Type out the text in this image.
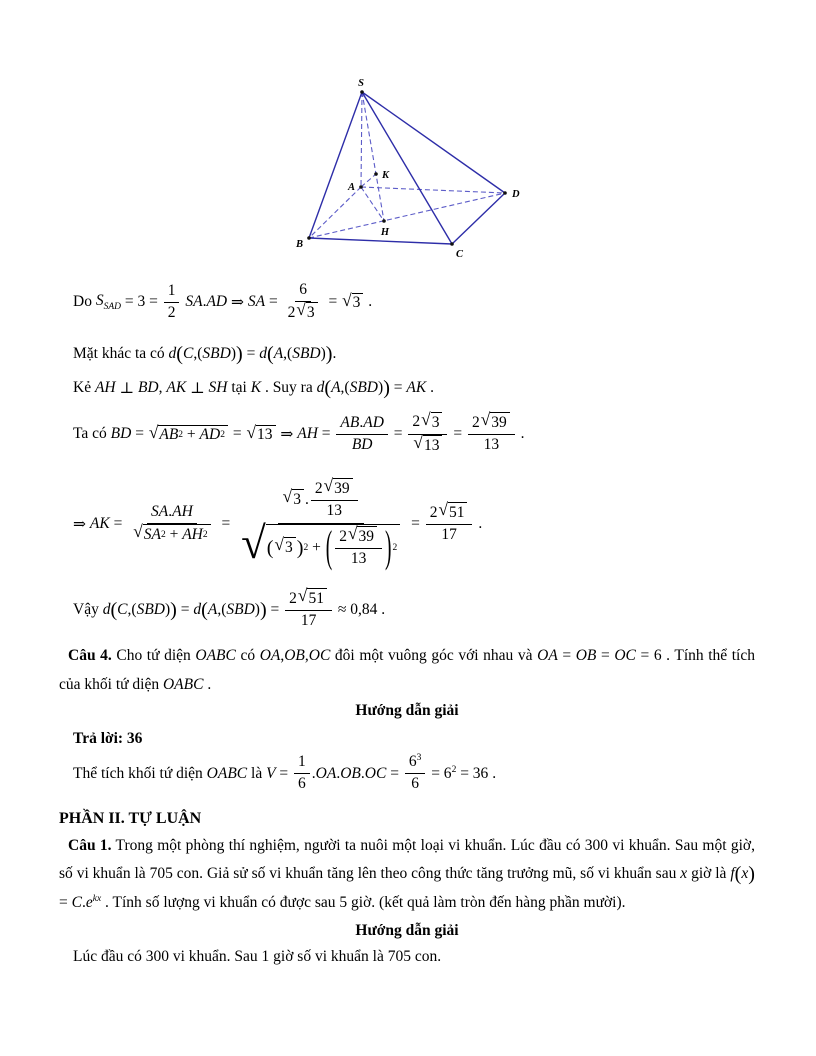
S
K
A
D
H
B
C
Do $S_{SAD} = 3 = \frac{1}{2}$ SA . AD ⇒ SA = $\frac{6}{2 √ 3}$ = √ 3 .
Mặt khác ta có d ( C ,( SBD ) ) = d ( A ,( SBD ) ) .
Kẻ AH ⊥ BD , AK ⊥ SH tại K . Suy ra d ( A ,( SBD ) ) = AK .
Ta có BD = √ AB 2 + AD 2 = √ 13 ⇒ AH = $\frac{AB . AD}{BD} = \frac{2 √ 3}{√ 13} = \frac{2 √ 39}{13}$ .
⇒ AK = $\frac{SA . AH}{√ SA 2 + AH 2} = \frac{√ 3 . \frac{2 √ 39}{13}}{√ ( √ 3 ) 2 + ( \frac{2 √ 39}{13} ) 2} = \frac{2 √ 51}{17}$ .
Vậy d ( C ,( SBD ) ) = d ( A ,( SBD ) ) = $\frac{2 √ 51}{17} \approx 0,84$ .

Câu 4. Cho tứ diện OABC có OA,OB,OC đôi một vuông góc với nhau và OA = OB = OC = 6 . Tính thể tích của khối tứ diện OABC .

Hướng dẫn giải

Trả lời: 36
Thể tích khối tứ diện OABC là $V = \frac{1}{6}$ . OA . OB . OC = $\frac{6^3}{6} = 6^2 = 36$ .
PHẦN II. TỰ LUẬN

Câu 1. Trong một phòng thí nghiệm, người ta nuôi một loại vi khuẩn. Lúc đầu có 300 vi khuẩn. Sau một giờ, số vi khuẩn là 705 con. Giả sử số vi khuẩn tăng lên theo công thức tăng trưởng mũ, số vi khuẩn sau x giờ là $f(x) = C.e^{kx}$ . Tính số lượng vi khuẩn có được sau 5 giờ. (kết quả làm tròn đến hàng phần mười).

Hướng dẫn giải

Lúc đầu có 300 vi khuẩn. Sau 1 giờ số vi khuẩn là 705 con.
